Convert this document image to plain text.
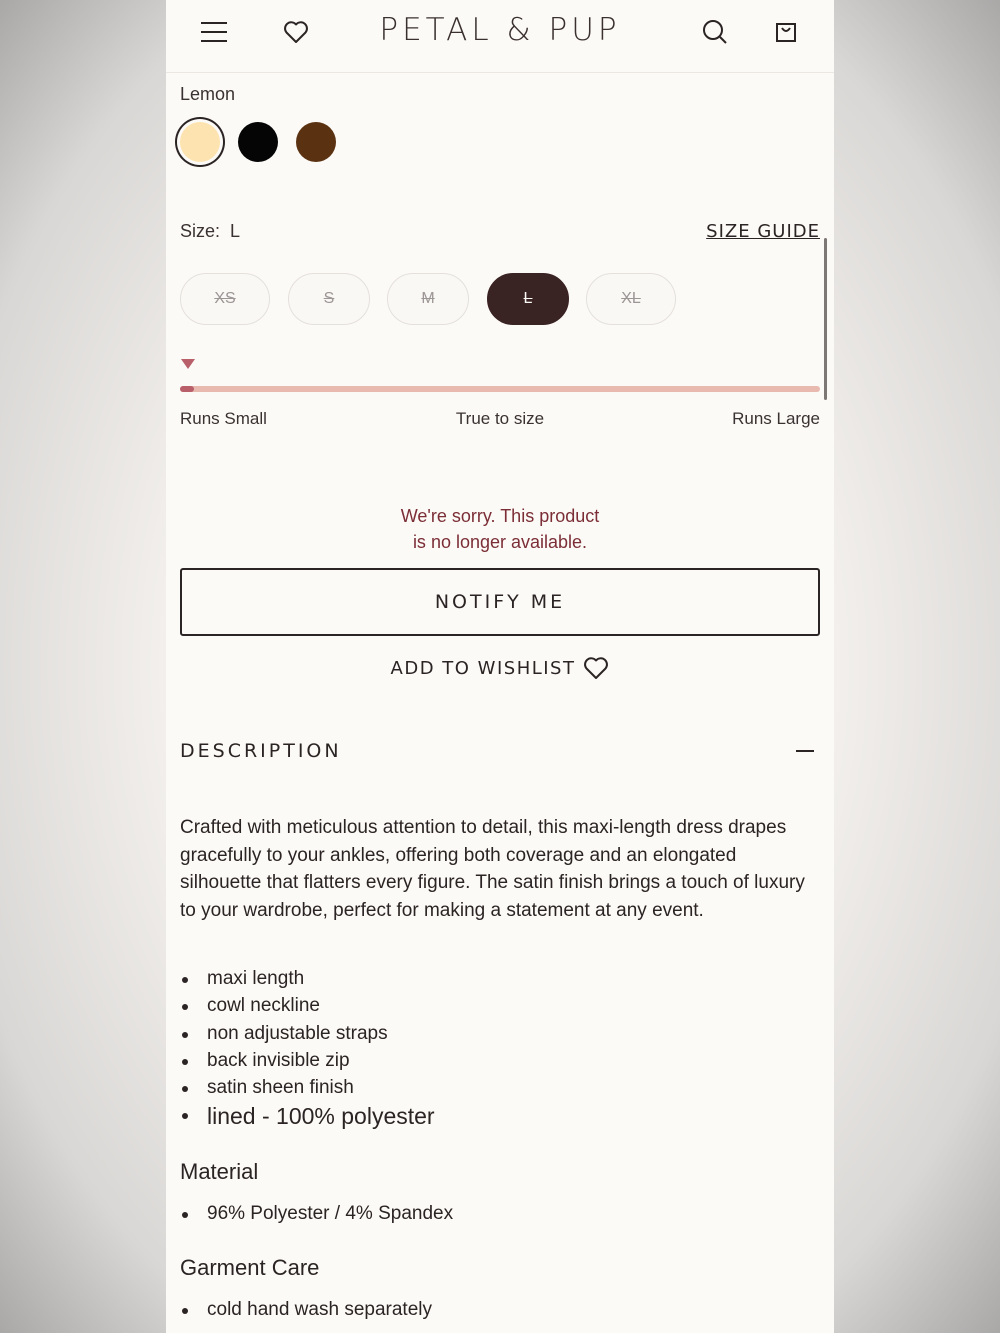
PETAL & PUP
Lemon
Size: L	SIZE GUIDE
XS	S	M	L	XL
Runs Small	True to size	Runs Large
We're sorry. This product
is no longer available.
NOTIFY ME
ADD TO WISHLIST
DESCRIPTION
Crafted with meticulous attention to detail, this maxi-length dress drapes gracefully to your ankles, offering both coverage and an elongated silhouette that flatters every figure. The satin finish brings a touch of luxury to your wardrobe, perfect for making a statement at any event.
maxi length
cowl neckline
non adjustable straps
back invisible zip
satin sheen finish
lined - 100% polyester
Material
96% Polyester / 4% Spandex
Garment Care
cold hand wash separately
